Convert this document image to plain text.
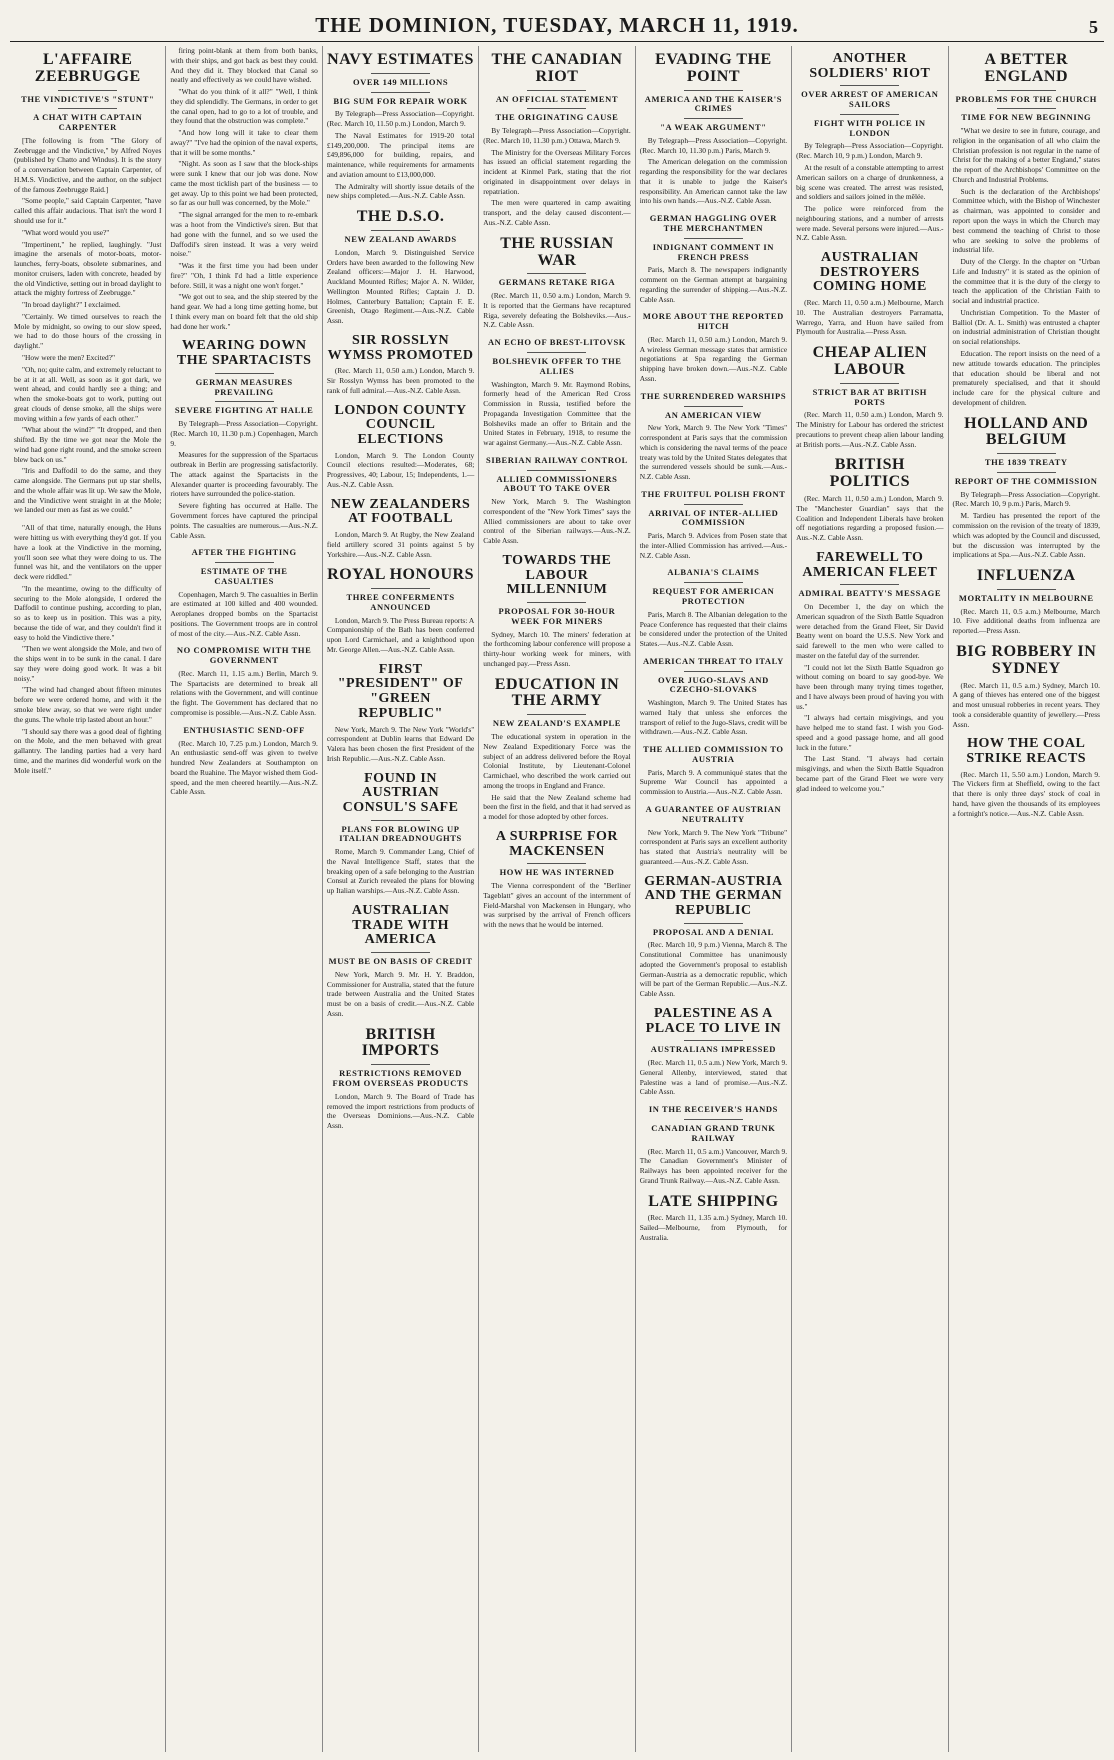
THE DOMINION, TUESDAY, MARCH 11, 1919.	5
L'AFFAIRE ZEEBRUGGE
THE VINDICTIVE'S "STUNT"
A CHAT WITH CAPTAIN CARPENTER

[The following is from "The Glory of Zeebrugge and the Vindictive," by Alfred Noyes (published by Chatto and Windus). It is the story of a conversation between Captain Carpenter, of H.M.S. Vindictive, and the author, on the subject of the famous Zeebrugge Raid.]

"Some people," said Captain Carpenter, "have called this affair audacious. That isn't the word I should use for it."

"What word would you use?"

"Impertinent," he replied, laughingly. "Just imagine the arsenals of motor-boats, motor-launches, ferry-boats, obsolete submarines, and monitor cruisers, laden with concrete, headed by the old Vindictive, setting out in broad daylight to attack the mighty fortress of Zeebrugge."

"In broad daylight?" I exclaimed.

"Certainly. We timed ourselves to reach the Mole by midnight, so owing to our slow speed, we had to do those hours of the crossing in daylight."

"How were the men? Excited?"

"Oh, no; quite calm, and extremely reluctant to be at it at all. Well, as soon as it got dark, we went ahead, and could hardly see a thing; and when the smoke-boats got to work, putting out great clouds of dense smoke, all the ships were moving within a few yards of each other."

"What about the wind?" "It dropped, and then shifted. By the time we got near the Mole the wind had gone right round, and the smoke screen blew back on us."

"Iris and Daffodil to do the same, and they came alongside. The Germans put up star shells, and the whole affair was lit up. We saw the Mole, and the Vindictive went straight in at the Mole; we landed our men as fast as we could."

"All of that time, naturally enough, the Huns were hitting us with everything they'd got. If you have a look at the Vindictive in the morning, you'll soon see what they were doing to us. The funnel was hit, and the ventilators on the upper deck were riddled."

"In the meantime, owing to the difficulty of securing to the Mole alongside, I ordered the Daffodil to continue pushing, according to plan, so as to keep us in position. This was a pity, because the tide of war, and they couldn't find it easy to hold the Vindictive there."

"Then we went alongside the Mole, and two of the ships went in to be sunk in the canal. I dare say they were doing good work. It was a bit noisy."

"The wind had changed about fifteen minutes before we were ordered home, and with it the smoke blew away, so that we were right under the guns. The whole trip lasted about an hour."

"I should say there was a good deal of fighting on the Mole, and the men behaved with great gallantry. The landing parties had a very hard time, and the marines did wonderful work on the Mole itself."

firing point-blank at them from both banks, with their ships, and got back as best they could. And they did it. They blocked that Canal so neatly and effectively as we could have wished.

"What do you think of it all?" "Well, I think they did splendidly. The Germans, in order to get the canal open, had to go to a lot of trouble, and they found that the obstruction was complete."

"And how long will it take to clear them away?" "I've had the opinion of the naval experts, that it will be some months."

"Night. As soon as I saw that the block-ships were sunk I knew that our job was done. Now came the most ticklish part of the business — to get away. Up to this point we had been protected, so far as our hull was concerned, by the Mole."

"The signal arranged for the men to re-embark was a hoot from the Vindictive's siren. But that had gone with the funnel, and so we used the Daffodil's siren instead. It was a very weird noise."

"Was it the first time you had been under fire?" "Oh, I think I'd had a little experience before. Still, it was a night one won't forget."

"We got out to sea, and the ship steered by the hand gear. We had a long time getting home, but I think every man on board felt that the old ship had done her work."

WEARING DOWN THE SPARTACISTS
GERMAN MEASURES PREVAILING
SEVERE FIGHTING AT HALLE

By Telegraph—Press Association—Copyright. (Rec. March 10, 11.30 p.m.) Copenhagen, March 9.

Measures for the suppression of the Spartacus outbreak in Berlin are progressing satisfactorily. The attack against the Spartacists in the Alexander quarter is proceeding favourably. The rioters have surrounded the police-station.

Severe fighting has occurred at Halle. The Government forces have captured the principal points. The casualties are numerous.—Aus.-N.Z. Cable Assn.

AFTER THE FIGHTING
ESTIMATE OF THE CASUALTIES

Copenhagen, March 9. The casualties in Berlin are estimated at 100 killed and 400 wounded. Aeroplanes dropped bombs on the Spartacist positions. The Government troops are in control of most of the city.—Aus.-N.Z. Cable Assn.

NO COMPROMISE WITH THE GOVERNMENT

(Rec. March 11, 1.15 a.m.) Berlin, March 9. The Spartacists are determined to break all relations with the Government, and will continue the fight. The Government has declared that no compromise is possible.—Aus.-N.Z. Cable Assn.

ENTHUSIASTIC SEND-OFF

(Rec. March 10, 7.25 p.m.) London, March 9. An enthusiastic send-off was given to twelve hundred New Zealanders at Southampton on board the Ruahine. The Mayor wished them God-speed, and the men cheered heartily.—Aus.-N.Z. Cable Assn.

NAVY ESTIMATES
OVER 149 MILLIONS
BIG SUM FOR REPAIR WORK

By Telegraph—Press Association—Copyright. (Rec. March 10, 11.50 p.m.) London, March 9.

The Naval Estimates for 1919-20 total £149,200,000. The principal items are £49,896,000 for building, repairs, and maintenance, while requirements for armaments and aviation amount to £13,000,000.

The Admiralty will shortly issue details of the new ships completed.—Aus.-N.Z. Cable Assn.

THE D.S.O.
NEW ZEALAND AWARDS

London, March 9. Distinguished Service Orders have been awarded to the following New Zealand officers:—Major J. H. Harwood, Auckland Mounted Rifles; Major A. N. Wilder, Wellington Mounted Rifles; Captain J. D. Holmes, Canterbury Battalion; Captain F. E. Greenish, Otago Regiment.—Aus.-N.Z. Cable Assn.

SIR ROSSLYN WYMSS PROMOTED

(Rec. March 11, 0.50 a.m.) London, March 9. Sir Rosslyn Wymss has been promoted to the rank of full admiral.—Aus.-N.Z. Cable Assn.

LONDON COUNTY COUNCIL ELECTIONS

London, March 9. The London County Council elections resulted:—Moderates, 68; Progressives, 40; Labour, 15; Independents, 1.—Aus.-N.Z. Cable Assn.

NEW ZEALANDERS AT FOOTBALL

London, March 9. At Rugby, the New Zealand field artillery scored 31 points against 5 by Yorkshire.—Aus.-N.Z. Cable Assn.

ROYAL HONOURS
THREE CONFERMENTS ANNOUNCED

London, March 9. The Press Bureau reports: A Companionship of the Bath has been conferred upon Lord Carmichael, and a knighthood upon Mr. George Allen.—Aus.-N.Z. Cable Assn.

FIRST "PRESIDENT" OF "GREEN REPUBLIC"

New York, March 9. The New York "World's" correspondent at Dublin learns that Edward De Valera has been chosen the first President of the Irish Republic.—Aus.-N.Z. Cable Assn.

FOUND IN AUSTRIAN CONSUL'S SAFE
PLANS FOR BLOWING UP ITALIAN DREADNOUGHTS

Rome, March 9. Commander Lang, Chief of the Naval Intelligence Staff, states that the breaking open of a safe belonging to the Austrian Consul at Zurich revealed the plans for blowing up Italian warships.—Aus.-N.Z. Cable Assn.

AUSTRALIAN TRADE WITH AMERICA
MUST BE ON BASIS OF CREDIT

New York, March 9. Mr. H. Y. Braddon, Commissioner for Australia, stated that the future trade between Australia and the United States must be on a basis of credit.—Aus.-N.Z. Cable Assn.

BRITISH IMPORTS
RESTRICTIONS REMOVED FROM OVERSEAS PRODUCTS

London, March 9. The Board of Trade has removed the import restrictions from products of the Overseas Dominions.—Aus.-N.Z. Cable Assn.

THE CANADIAN RIOT
AN OFFICIAL STATEMENT
THE ORIGINATING CAUSE

By Telegraph—Press Association—Copyright. (Rec. March 10, 11.30 p.m.) Ottawa, March 9.

The Ministry for the Overseas Military Forces has issued an official statement regarding the incident at Kinmel Park, stating that the riot originated in disappointment over delays in repatriation.

The men were quartered in camp awaiting transport, and the delay caused discontent.—Aus.-N.Z. Cable Assn.

THE RUSSIAN WAR
GERMANS RETAKE RIGA

(Rec. March 11, 0.50 a.m.) London, March 9. It is reported that the Germans have recaptured Riga, severely defeating the Bolsheviks.—Aus.-N.Z. Cable Assn.

AN ECHO OF BREST-LITOVSK
BOLSHEVIK OFFER TO THE ALLIES

Washington, March 9. Mr. Raymond Robins, formerly head of the American Red Cross Commission in Russia, testified before the Propaganda Investigation Committee that the Bolsheviks made an offer to Britain and the United States in February, 1918, to resume the war against Germany.—Aus.-N.Z. Cable Assn.

SIBERIAN RAILWAY CONTROL
ALLIED COMMISSIONERS ABOUT TO TAKE OVER

New York, March 9. The Washington correspondent of the "New York Times" says the Allied commissioners are about to take over control of the Siberian railways.—Aus.-N.Z. Cable Assn.

TOWARDS THE LABOUR MILLENNIUM
PROPOSAL FOR 30-HOUR WEEK FOR MINERS

Sydney, March 10. The miners' federation at the forthcoming labour conference will propose a thirty-hour working week for miners, with unchanged pay.—Press Assn.

EDUCATION IN THE ARMY
NEW ZEALAND'S EXAMPLE

The educational system in operation in the New Zealand Expeditionary Force was the subject of an address delivered before the Royal Colonial Institute, by Lieutenant-Colonel Carmichael, who described the work carried out among the troops in England and France.

He said that the New Zealand scheme had been the first in the field, and that it had served as a model for those adopted by other forces.

A SURPRISE FOR MACKENSEN
HOW HE WAS INTERNED

The Vienna correspondent of the "Berliner Tageblatt" gives an account of the internment of Field-Marshal von Mackensen in Hungary, who was surprised by the arrival of French officers with the news that he would be interned.

EVADING THE POINT
AMERICA AND THE KAISER'S CRIMES
"A WEAK ARGUMENT"

By Telegraph—Press Association—Copyright. (Rec. March 10, 11.30 p.m.) Paris, March 9.

The American delegation on the commission regarding the responsibility for the war declares that it is unable to judge the Kaiser's responsibility. An American cannot take the law into his own hands.—Aus.-N.Z. Cable Assn.

GERMAN HAGGLING OVER THE MERCHANTMEN
INDIGNANT COMMENT IN FRENCH PRESS

Paris, March 8. The newspapers indignantly comment on the German attempt at bargaining regarding the surrender of shipping.—Aus.-N.Z. Cable Assn.

MORE ABOUT THE REPORTED HITCH

(Rec. March 11, 0.50 a.m.) London, March 9. A wireless German message states that armistice negotiations at Spa regarding the German shipping have broken down.—Aus.-N.Z. Cable Assn.

THE SURRENDERED WARSHIPS
AN AMERICAN VIEW

New York, March 9. The New York "Times" correspondent at Paris says that the commission which is considering the naval terms of the peace treaty was told by the United States delegates that the surrendered vessels should be sunk.—Aus.-N.Z. Cable Assn.

THE FRUITFUL POLISH FRONT
ARRIVAL OF INTER-ALLIED COMMISSION

Paris, March 9. Advices from Posen state that the inter-Allied Commission has arrived.—Aus.-N.Z. Cable Assn.

ALBANIA'S CLAIMS
REQUEST FOR AMERICAN PROTECTION

Paris, March 8. The Albanian delegation to the Peace Conference has requested that their claims be considered under the protection of the United States.—Aus.-N.Z. Cable Assn.

AMERICAN THREAT TO ITALY
OVER JUGO-SLAVS AND CZECHO-SLOVAKS

Washington, March 9. The United States has warned Italy that unless she enforces the transport of relief to the Jugo-Slavs, credit will be withdrawn.—Aus.-N.Z. Cable Assn.

THE ALLIED COMMISSION TO AUSTRIA

Paris, March 9. A communiqué states that the Supreme War Council has appointed a commission to Austria.—Aus.-N.Z. Cable Assn.

A GUARANTEE OF AUSTRIAN NEUTRALITY

New York, March 9. The New York "Tribune" correspondent at Paris says an excellent authority has stated that Austria's neutrality will be guaranteed.—Aus.-N.Z. Cable Assn.

GERMAN-AUSTRIA AND THE GERMAN REPUBLIC
PROPOSAL AND A DENIAL

(Rec. March 10, 9 p.m.) Vienna, March 8. The Constitutional Committee has unanimously adopted the Government's proposal to establish German-Austria as a democratic republic, which will be part of the German Republic.—Aus.-N.Z. Cable Assn.

PALESTINE AS A PLACE TO LIVE IN
AUSTRALIANS IMPRESSED

(Rec. March 11, 0.5 a.m.) New York, March 9. General Allenby, interviewed, stated that Palestine was a land of promise.—Aus.-N.Z. Cable Assn.

IN THE RECEIVER'S HANDS
CANADIAN GRAND TRUNK RAILWAY

(Rec. March 11, 0.5 a.m.) Vancouver, March 9. The Canadian Government's Minister of Railways has been appointed receiver for the Grand Trunk Railway.—Aus.-N.Z. Cable Assn.

LATE SHIPPING

(Rec. March 11, 1.35 a.m.) Sydney, March 10. Sailed—Melbourne, from Plymouth, for Australia.

ANOTHER SOLDIERS' RIOT
OVER ARREST OF AMERICAN SAILORS
FIGHT WITH POLICE IN LONDON

By Telegraph—Press Association—Copyright. (Rec. March 10, 9 p.m.) London, March 9.

At the result of a constable attempting to arrest American sailors on a charge of drunkenness, a big scene was created. The arrest was resisted, and soldiers and sailors joined in the mêlée.

The police were reinforced from the neighbouring stations, and a number of arrests were made. Several persons were injured.—Aus.-N.Z. Cable Assn.

AUSTRALIAN DESTROYERS COMING HOME

(Rec. March 11, 0.50 a.m.) Melbourne, March 10. The Australian destroyers Parramatta, Warrego, Yarra, and Huon have sailed from Plymouth for Australia.—Press Assn.

CHEAP ALIEN LABOUR
STRICT BAR AT BRITISH PORTS

(Rec. March 11, 0.50 a.m.) London, March 9. The Ministry for Labour has ordered the strictest precautions to prevent cheap alien labour landing at British ports.—Aus.-N.Z. Cable Assn.

BRITISH POLITICS

(Rec. March 11, 0.50 a.m.) London, March 9. The "Manchester Guardian" says that the Coalition and Independent Liberals have broken off negotiations regarding a proposed fusion.—Aus.-N.Z. Cable Assn.

FAREWELL TO AMERICAN FLEET
ADMIRAL BEATTY'S MESSAGE

On December 1, the day on which the American squadron of the Sixth Battle Squadron were detached from the Grand Fleet, Sir David Beatty went on board the U.S.S. New York and said farewell to the men who were called to master on the fateful day of the surrender.

"I could not let the Sixth Battle Squadron go without coming on board to say good-bye. We have been through many trying times together, and I have always been proud of having you with us."

"I always had certain misgivings, and you have helped me to stand fast. I wish you God-speed and a good passage home, and all good luck in the future."

The Last Stand. "I always had certain misgivings, and when the Sixth Battle Squadron became part of the Grand Fleet we were very glad indeed to welcome you."

A BETTER ENGLAND
PROBLEMS FOR THE CHURCH
TIME FOR NEW BEGINNING

"What we desire to see in future, courage, and religion in the organisation of all who claim the Christian profession is not regular in the name of Christ for the making of a better England," states the report of the Archbishops' Committee on the Church and Industrial Problems.

Such is the declaration of the Archbishops' Committee which, with the Bishop of Winchester as chairman, was appointed to consider and report upon the ways in which the Church may best commend the teaching of Christ to those who are seeking to solve the problems of industrial life.

Duty of the Clergy. In the chapter on "Urban Life and Industry" it is stated as the opinion of the committee that it is the duty of the clergy to teach the application of the Christian Faith to social and industrial practice.

Unchristian Competition. To the Master of Balliol (Dr. A. L. Smith) was entrusted a chapter on industrial administration of Christian thought on social relationships.

Education. The report insists on the need of a new attitude towards education. The principles that education should be liberal and not prematurely specialised, and that it should include care for the physical culture and development of children.

HOLLAND AND BELGIUM
THE 1839 TREATY
REPORT OF THE COMMISSION

By Telegraph—Press Association—Copyright. (Rec. March 10, 9 p.m.) Paris, March 9.

M. Tardieu has presented the report of the commission on the revision of the treaty of 1839, which was adopted by the Council and discussed, but the discussion was interrupted by the implications at Spa.—Aus.-N.Z. Cable Assn.

INFLUENZA
MORTALITY IN MELBOURNE

(Rec. March 11, 0.5 a.m.) Melbourne, March 10. Five additional deaths from influenza are reported.—Press Assn.

BIG ROBBERY IN SYDNEY

(Rec. March 11, 0.5 a.m.) Sydney, March 10. A gang of thieves has entered one of the biggest and most unusual robberies in recent years. They took a considerable quantity of jewellery.—Press Assn.

HOW THE COAL STRIKE REACTS

(Rec. March 11, 5.50 a.m.) London, March 9. The Vickers firm at Sheffield, owing to the fact that there is only three days' stock of coal in hand, have given the thousands of its employees a fortnight's notice.—Aus.-N.Z. Cable Assn.
